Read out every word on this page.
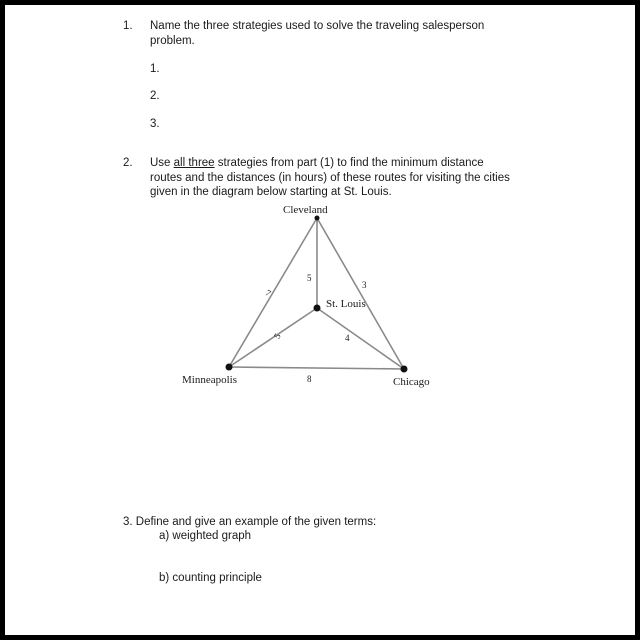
1. Name the three strategies used to solve the traveling salesperson
problem.
1.
2.
3.
2. Use all three strategies from part (1) to find the minimum distance
routes and the distances (in hours) of these routes for visiting the cities
given in the diagram below starting at St. Louis.
Cleveland
St. Louis
Minneapolis	Chicago
5
3
7
5	4
8
3. Define and give an example of the given terms:
a) weighted graph
b) counting principle
